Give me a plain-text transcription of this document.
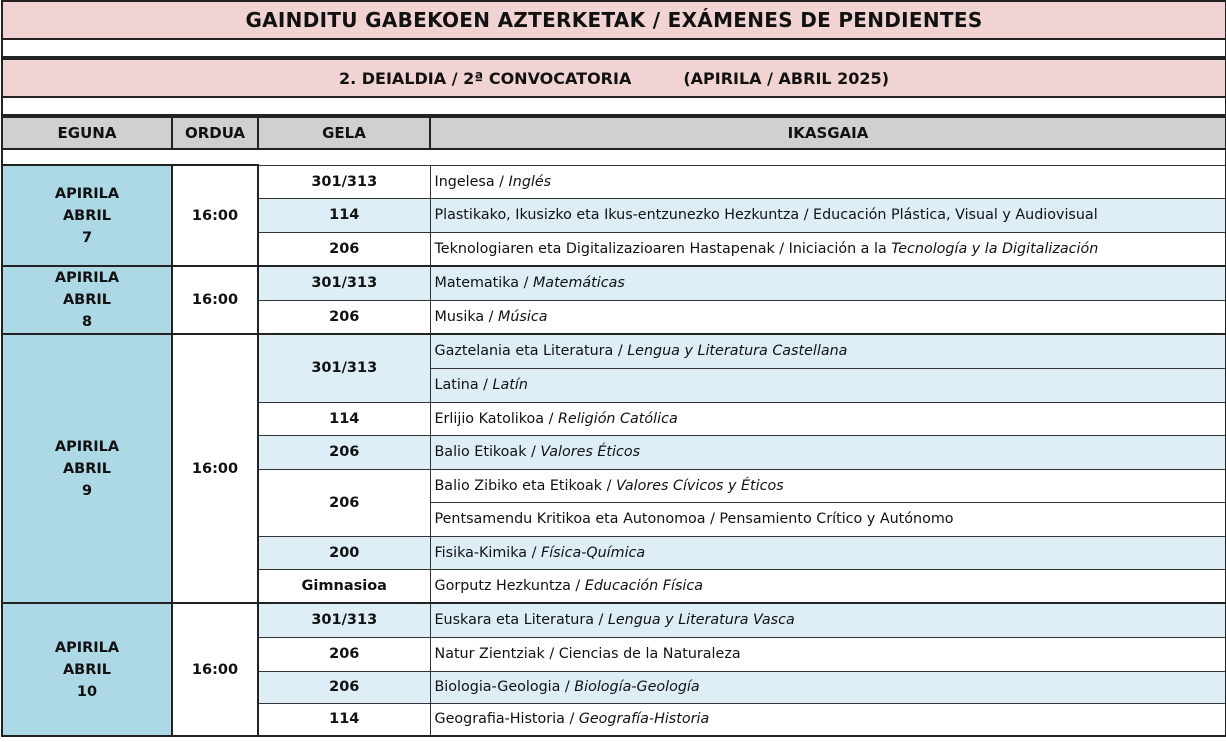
GAINDITU GABEKOEN AZTERKETAK / EXÁMENES DE PENDIENTES
2. DEIALDIA / 2ª CONVOCATORIA	(APIRILA / ABRIL 2025)
EGUNA	ORDUA	GELA	IKASGAIA

APIRILA
ABRIL
7	16:00	301/313	Ingelesa / Inglés
		114	Plastikako, Ikusizko eta Ikus-entzunezko Hezkuntza / Educación Plástica, Visual y Audiovisual
		206	Teknologiaren eta Digitalizazioaren Hastapenak / Iniciación a la Tecnología y la Digitalización

APIRILA
ABRIL
8	16:00	301/313	Matematika / Matemáticas
		206	Musika / Música

APIRILA
ABRIL
9	16:00	301/313	Gaztelania eta Literatura / Lengua y Literatura Castellana
			Latina / Latín
		114	Erlijio Katolikoa / Religión Católica
		206	Balio Etikoak / Valores Éticos
		206	Balio Zibiko eta Etikoak / Valores Cívicos y Éticos
			Pentsamendu Kritikoa eta Autonomoa / Pensamiento Crítico y Autónomo
		200	Fisika-Kimika / Física-Química
		Gimnasioa	Gorputz Hezkuntza / Educación Física

APIRILA
ABRIL
10	16:00	301/313	Euskara eta Literatura / Lengua y Literatura Vasca
		206	Natur Zientziak / Ciencias de la Naturaleza
		206	Biologia-Geologia / Biología-Geología
		114	Geografia-Historia / Geografía-Historia
